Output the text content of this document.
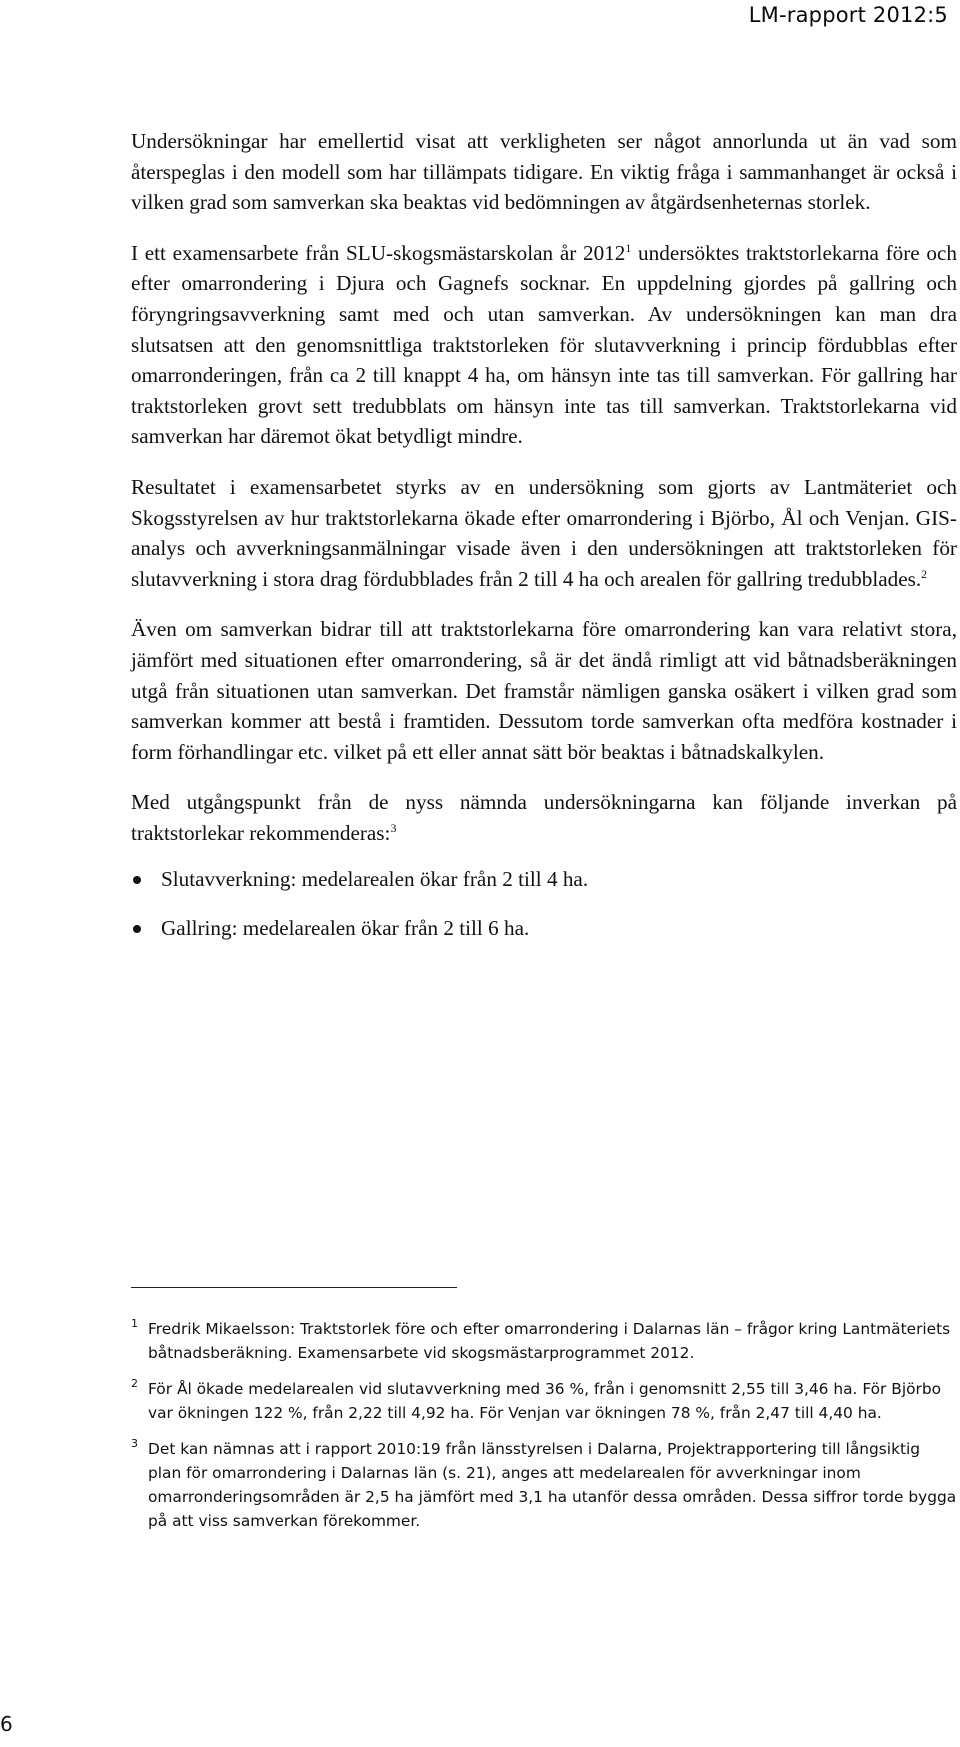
LM-rapport 2012:5

Undersökningar har emellertid visat att verkligheten ser något annorlunda ut än vad som återspeglas i den modell som har tillämpats tidigare. En viktig fråga i sammanhanget är också i vilken grad som samverkan ska beaktas vid bedömningen av åtgärdsenheternas storlek.

I ett examensarbete från SLU-skogsmästarskolan år 2012$^1$ undersöktes traktstorlekarna före och efter omarrondering i Djura och Gagnefs socknar. En uppdelning gjordes på gallring och föryngringsavverkning samt med och utan samverkan. Av undersökningen kan man dra slutsatsen att den genomsnittliga traktstorleken för slutavverkning i princip fördubblas efter omarronderingen, från ca 2 till knappt 4 ha, om hänsyn inte tas till samverkan. För gallring har traktstorleken grovt sett tredubblats om hänsyn inte tas till samverkan. Traktstorlekarna vid samverkan har däremot ökat betydligt mindre.

Resultatet i examensarbetet styrks av en undersökning som gjorts av Lantmäteriet och Skogsstyrelsen av hur traktstorlekarna ökade efter omarrondering i Björbo, Ål och Venjan. GIS-analys och avverkningsanmälningar visade även i den undersökningen att traktstorleken för slutavverkning i stora drag fördubblades från 2 till 4 ha och arealen för gallring tredubblades.$^2$

Även om samverkan bidrar till att traktstorlekarna före omarrondering kan vara relativt stora, jämfört med situationen efter omarrondering, så är det ändå rimligt att vid båtnadsberäkningen utgå från situationen utan samverkan. Det framstår nämligen ganska osäkert i vilken grad som samverkan kommer att bestå i framtiden. Dessutom torde samverkan ofta medföra kostnader i form förhandlingar etc. vilket på ett eller annat sätt bör beaktas i båtnadskalkylen.

Med utgångspunkt från de nyss nämnda undersökningarna kan följande inverkan på traktstorlekar rekommenderas:$^3$

Slutavverkning: medelarealen ökar från 2 till 4 ha.
Gallring: medelarealen ökar från 2 till 6 ha.
1 Fredrik Mikaelsson: Traktstorlek före och efter omarrondering i Dalarnas län – frågor kring Lantmäteriets båtnadsberäkning. Examensarbete vid skogsmästarprogrammet 2012.
2 För Ål ökade medelarealen vid slutavverkning med 36 %, från i genomsnitt 2,55 till 3,46 ha. För Björbo var ökningen 122 %, från 2,22 till 4,92 ha. För Venjan var ökningen 78 %, från 2,47 till 4,40 ha.
3 Det kan nämnas att i rapport 2010:19 från länsstyrelsen i Dalarna, Projektrapportering till långsiktig plan för omarrondering i Dalarnas län (s. 21), anges att medelarealen för avverkningar inom omarronderingsområden är 2,5 ha jämfört med 3,1 ha utanför dessa områden. Dessa siffror torde bygga på att viss samverkan förekommer.
6
